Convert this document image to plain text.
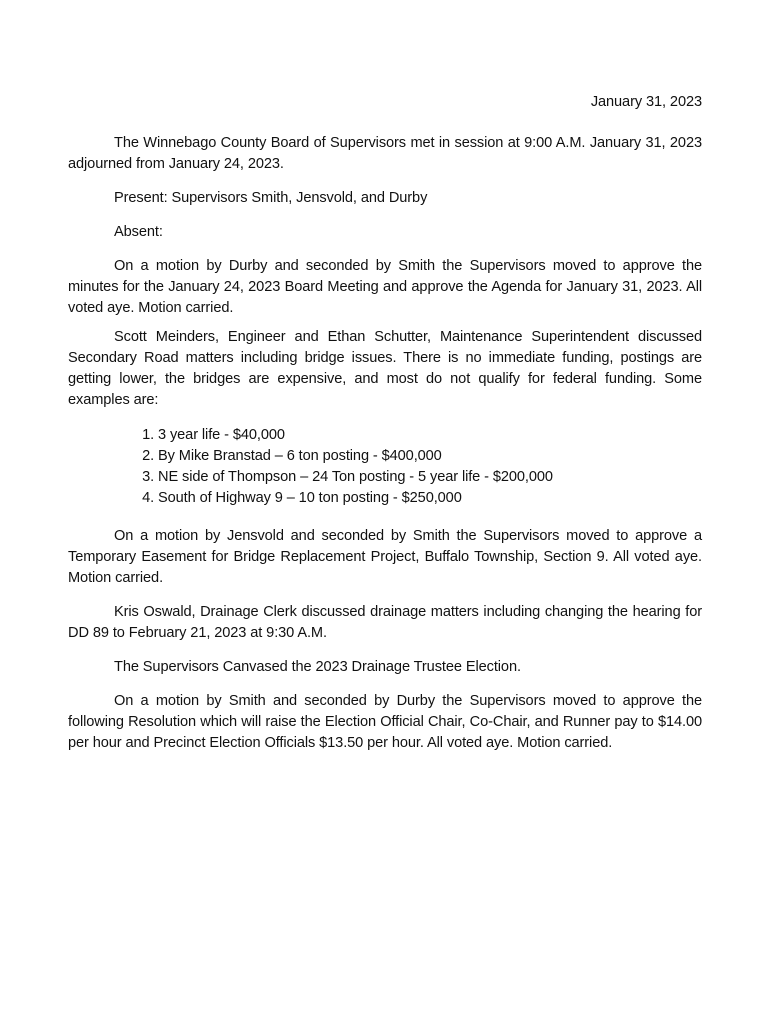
January 31, 2023

The Winnebago County Board of Supervisors met in session at 9:00 A.M. January 31, 2023 adjourned from January 24, 2023.

Present: Supervisors Smith, Jensvold, and Durby

Absent:

On a motion by Durby and seconded by Smith the Supervisors moved to approve the minutes for the January 24, 2023 Board Meeting and approve the Agenda for January 31, 2023. All voted aye. Motion carried.

Scott Meinders, Engineer and Ethan Schutter, Maintenance Superintendent discussed Secondary Road matters including bridge issues. There is no immediate funding, postings are getting lower, the bridges are expensive, and most do not qualify for federal funding. Some examples are:

1. 3 year life - $40,000
2. By Mike Branstad – 6 ton posting - $400,000
3. NE side of Thompson – 24 Ton posting - 5 year life - $200,000
4. South of Highway 9 – 10 ton posting - $250,000

On a motion by Jensvold and seconded by Smith the Supervisors moved to approve a Temporary Easement for Bridge Replacement Project, Buffalo Township, Section 9. All voted aye. Motion carried.

Kris Oswald, Drainage Clerk discussed drainage matters including changing the hearing for DD 89 to February 21, 2023 at 9:30 A.M.

The Supervisors Canvased the 2023 Drainage Trustee Election.

On a motion by Smith and seconded by Durby the Supervisors moved to approve the following Resolution which will raise the Election Official Chair, Co-Chair, and Runner pay to $14.00 per hour and Precinct Election Officials $13.50 per hour. All voted aye. Motion carried.
